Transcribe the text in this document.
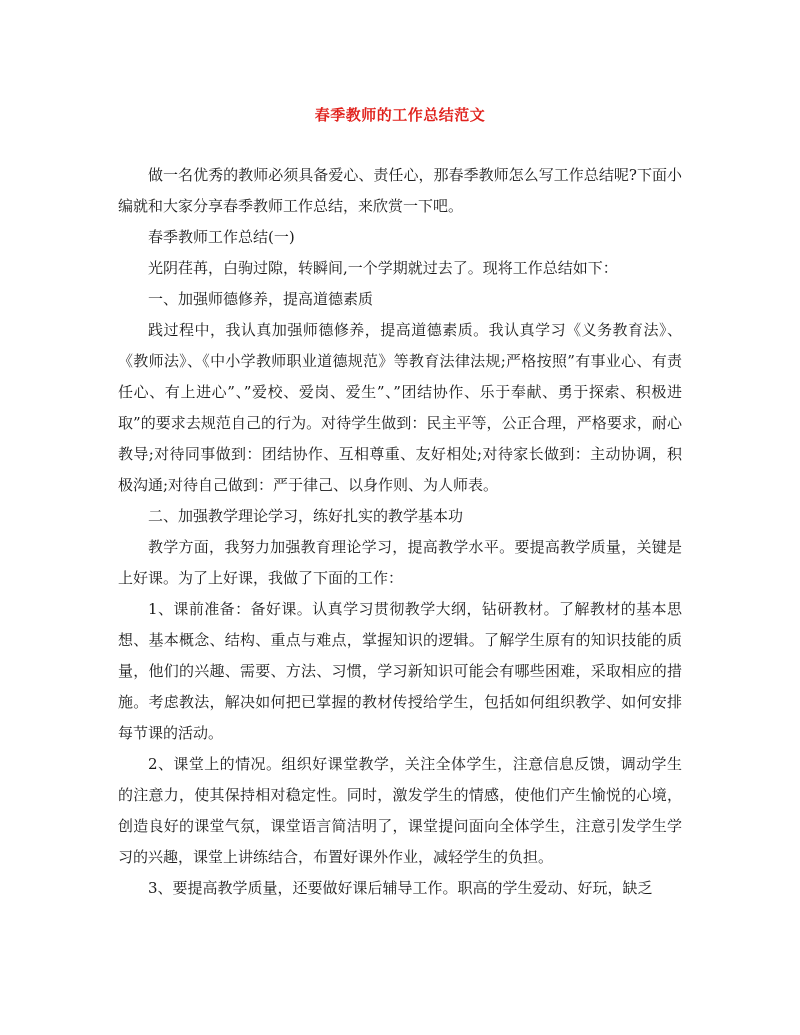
春季教师的工作总结范文

做一名优秀的教师必须具备爱心、责任心，那春季教师怎么写工作总结呢?下面小编就和大家分享春季教师工作总结，来欣赏一下吧。

春季教师工作总结(一)

光阴荏苒，白驹过隙，转瞬间,一个学期就过去了。现将工作总结如下：

一、加强师德修养，提高道德素质

践过程中，我认真加强师德修养，提高道德素质。我认真学习《义务教育法》、《教师法》、《中小学教师职业道德规范》等教育法律法规;严格按照”有事业心、有责任心、有上进心”、”爱校、爱岗、爱生”、”团结协作、乐于奉献、勇于探索、积极进取”的要求去规范自己的行为。对待学生做到：民主平等，公正合理，严格要求，耐心教导;对待同事做到：团结协作、互相尊重、友好相处;对待家长做到：主动协调，积极沟通;对待自己做到：严于律己、以身作则、为人师表。

二、加强教学理论学习，练好扎实的教学基本功

教学方面，我努力加强教育理论学习，提高教学水平。要提高教学质量，关键是上好课。为了上好课，我做了下面的工作：

1、课前准备：备好课。认真学习贯彻教学大纲，钻研教材。了解教材的基本思想、基本概念、结构、重点与难点，掌握知识的逻辑。了解学生原有的知识技能的质量，他们的兴趣、需要、方法、习惯，学习新知识可能会有哪些困难，采取相应的措施。考虑教法，解决如何把已掌握的教材传授给学生，包括如何组织教学、如何安排每节课的活动。

2、课堂上的情况。组织好课堂教学，关注全体学生，注意信息反馈，调动学生的注意力，使其保持相对稳定性。同时，激发学生的情感，使他们产生愉悦的心境，创造良好的课堂气氛，课堂语言简洁明了，课堂提问面向全体学生，注意引发学生学习的兴趣，课堂上讲练结合，布置好课外作业，减轻学生的负担。

3、要提高教学质量，还要做好课后辅导工作。职高的学生爱动、好玩，缺乏
